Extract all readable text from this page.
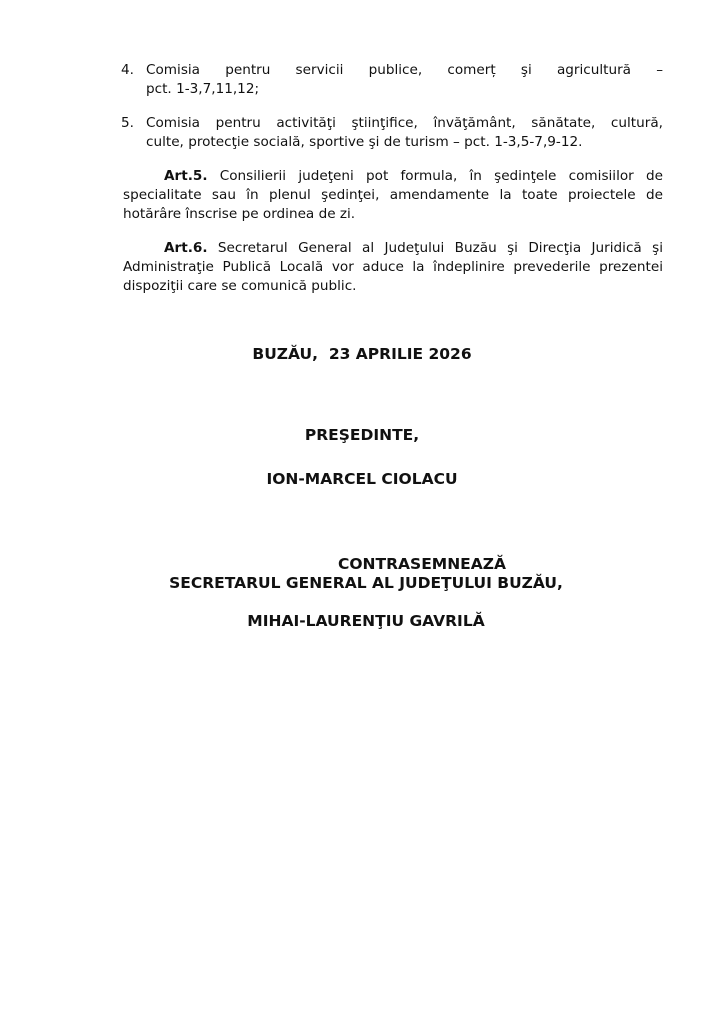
4. Comisia pentru servicii publice, comerț şi agricultură –
pct. 1-3,7,11,12;
5. Comisia pentru activităţi ştiinţifice, învăţământ, sănătate, cultură,
culte, protecţie socială, sportive şi de turism – pct. 1-3,5-7,9-12.
Art.5. Consilierii judeţeni pot formula, în şedinţele comisiilor de
specialitate sau în plenul şedinţei, amendamente la toate proiectele de
hotărâre înscrise pe ordinea de zi.
Art.6. Secretarul General al Judeţului Buzău şi Direcţia Juridică şi
Administraţie Publică Locală vor aduce la îndeplinire prevederile prezentei
dispoziţii care se comunică public.
BUZĂU,  23 APRILIE 2026
PREŞEDINTE,
ION-MARCEL CIOLACU
CONTRASEMNEAZĂ
SECRETARUL GENERAL AL JUDEŢULUI BUZĂU,
MIHAI-LAURENŢIU GAVRILĂ
